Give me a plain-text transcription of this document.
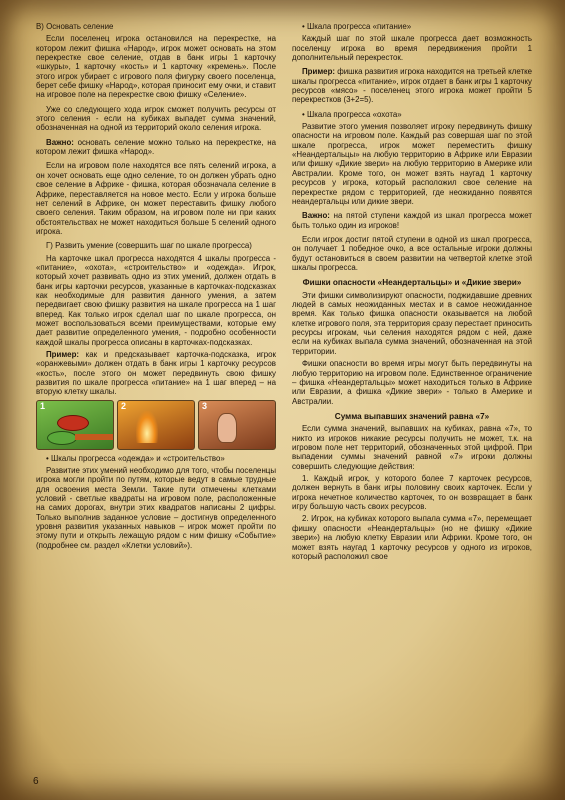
В) Основать селение

Если поселенец игрока остановился на перекрестке, на котором лежит фишка «Народ», игрок может основать на этом перекрестке свое селение, отдав в банк игры 1 карточку «шкуры», 1 карточку «кость» и 1 карточку «кремень». После этого игрок убирает с игрового поля фигурку своего поселенца, берет себе фишку «Народ», которая приносит ему очки, и ставит на игровое поле на перекрестке свою фишку «Селение».

Уже со следующего хода игрок сможет получить ресурсы от этого селения - если на кубиках выпадет сумма значений, обозначенная на одной из территорий около селения игрока.

Важно: основать селение можно только на перекрестке, на котором лежит фишка «Народ».

Если на игровом поле находятся все пять селений игрока, а он хочет основать еще одно селение, то он должен убрать одно свое селение в Африке - фишка, которая обозначала селение в Африке, переставляется на новое место. Если у игрока больше нет селений в Африке, он может переставить фишку любого своего селения. Таким образом, на игровом поле ни при каких обстоятельствах не может находиться больше 5 селений одного игрока.

Г) Развить умение (совершить шаг по шкале прогресса)

На карточке шкал прогресса находятся 4 шкалы прогресса - «питание», «охота», «строительство» и «одежда». Игрок, который хочет развивать одно из этих умений, должен отдать в банк игры карточки ресурсов, указанные в карточках-подсказках как необходимые для развития данного умения, а затем передвигает свою фишку развития на шкале прогресса на 1 шаг вперед. Как только игрок сделал шаг по шкале прогресса, он может воспользоваться всеми преимуществами, которые ему дает развитие определенного умения, - подробно особенности каждой шкалы прогресса описаны в карточках-подсказках.

Пример: как и предсказывает карточка-подсказка, игрок «оранжевыми» должен отдать в банк игры 1 карточку ресурсов «кость», после этого он может передвинуть свою фишку развития по шкале прогресса «питание» на 1 шаг вперед – на вторую клетку шкалы.

1	2	3

• Шкалы прогресса «одежда» и «строительство»

Развитие этих умений необходимо для того, чтобы поселенцы игрока могли пройти по путям, которые ведут в самые трудные для освоения места Земли. Такие пути отмечены клетками условий - светлые квадраты на игровом поле, расположенные на самих дорогах, внутри этих квадратов написаны 2 цифры. Только выполнив заданное условие – достигнув определенного уровня развития указанных навыков – игрок может пройти по этому пути и открыть лежащую рядом с ним фишку «Событие» (подробнее см. раздел «Клетки условий»).

• Шкала прогресса «питание»

Каждый шаг по этой шкале прогресса дает возможность поселенцу игрока во время передвижения пройти 1 дополнительный перекресток.

Пример: фишка развития игрока находится на третьей клетке шкалы прогресса «питание», игрок отдает в банк игры 1 карточку ресурсов «мясо» - поселенец этого игрока может пройти 5 перекрестков (3+2=5).

• Шкала прогресса «охота»

Развитие этого умения позволяет игроку передвинуть фишку опасности на игровом поле. Каждый раз совершая шаг по этой шкале прогресса, игрок может переместить фишку «Неандертальцы» на любую территорию в Африке или Евразии или фишку «Дикие звери» на любую территорию в Америке или Австралии. Кроме того, он может взять наугад 1 карточку ресурсов у игрока, который расположил свое селение на перекрестке рядом с территорией, где неожиданно появятся неандертальцы или дикие звери.

Важно: на пятой ступени каждой из шкал прогресса может быть только один из игроков!

Если игрок достиг пятой ступени в одной из шкал прогресса, он получает 1 победное очко, а все остальные игроки должны будут остановиться в своем развитии на четвертой клетке этой шкалы прогресса.

Фишки опасности «Неандертальцы» и «Дикие звери»

Эти фишки символизируют опасности, поджидавшие древних людей в самых неожиданных местах и в самое неожиданное время. Как только фишка опасности оказывается на любой клетке игрового поля, эта территория сразу перестает приносить ресурсы игрокам, чьи селения находятся рядом с ней, даже если на кубиках выпала сумма значений, обозначенная на этой территории.

Фишки опасности во время игры могут быть передвинуты на любую территорию на игровом поле. Единственное ограничение – фишка «Неандертальцы» может находиться только в Африке или Евразии, а фишка «Дикие звери» - только в Америке и Австралии.

Сумма выпавших значений равна «7»

Если сумма значений, выпавших на кубиках, равна «7», то никто из игроков никакие ресурсы получить не может, т.к. на игровом поле нет территорий, обозначенных этой цифрой. При выпадении суммы значений равной «7» игроки должны совершить следующие действия:

1. Каждый игрок, у которого более 7 карточек ресурсов, должен вернуть в банк игры половину своих карточек. Если у игрока нечетное количество карточек, то он возвращает в банк игру большую часть своих ресурсов.

2. Игрок, на кубиках которого выпала сумма «7», перемещает фишку опасности «Неандертальцы» (но не фишку «Дикие звери») на любую клетку Евразии или Африки. Кроме того, он может взять наугад 1 карточку ресурсов у одного из игроков, который расположил свое

6
